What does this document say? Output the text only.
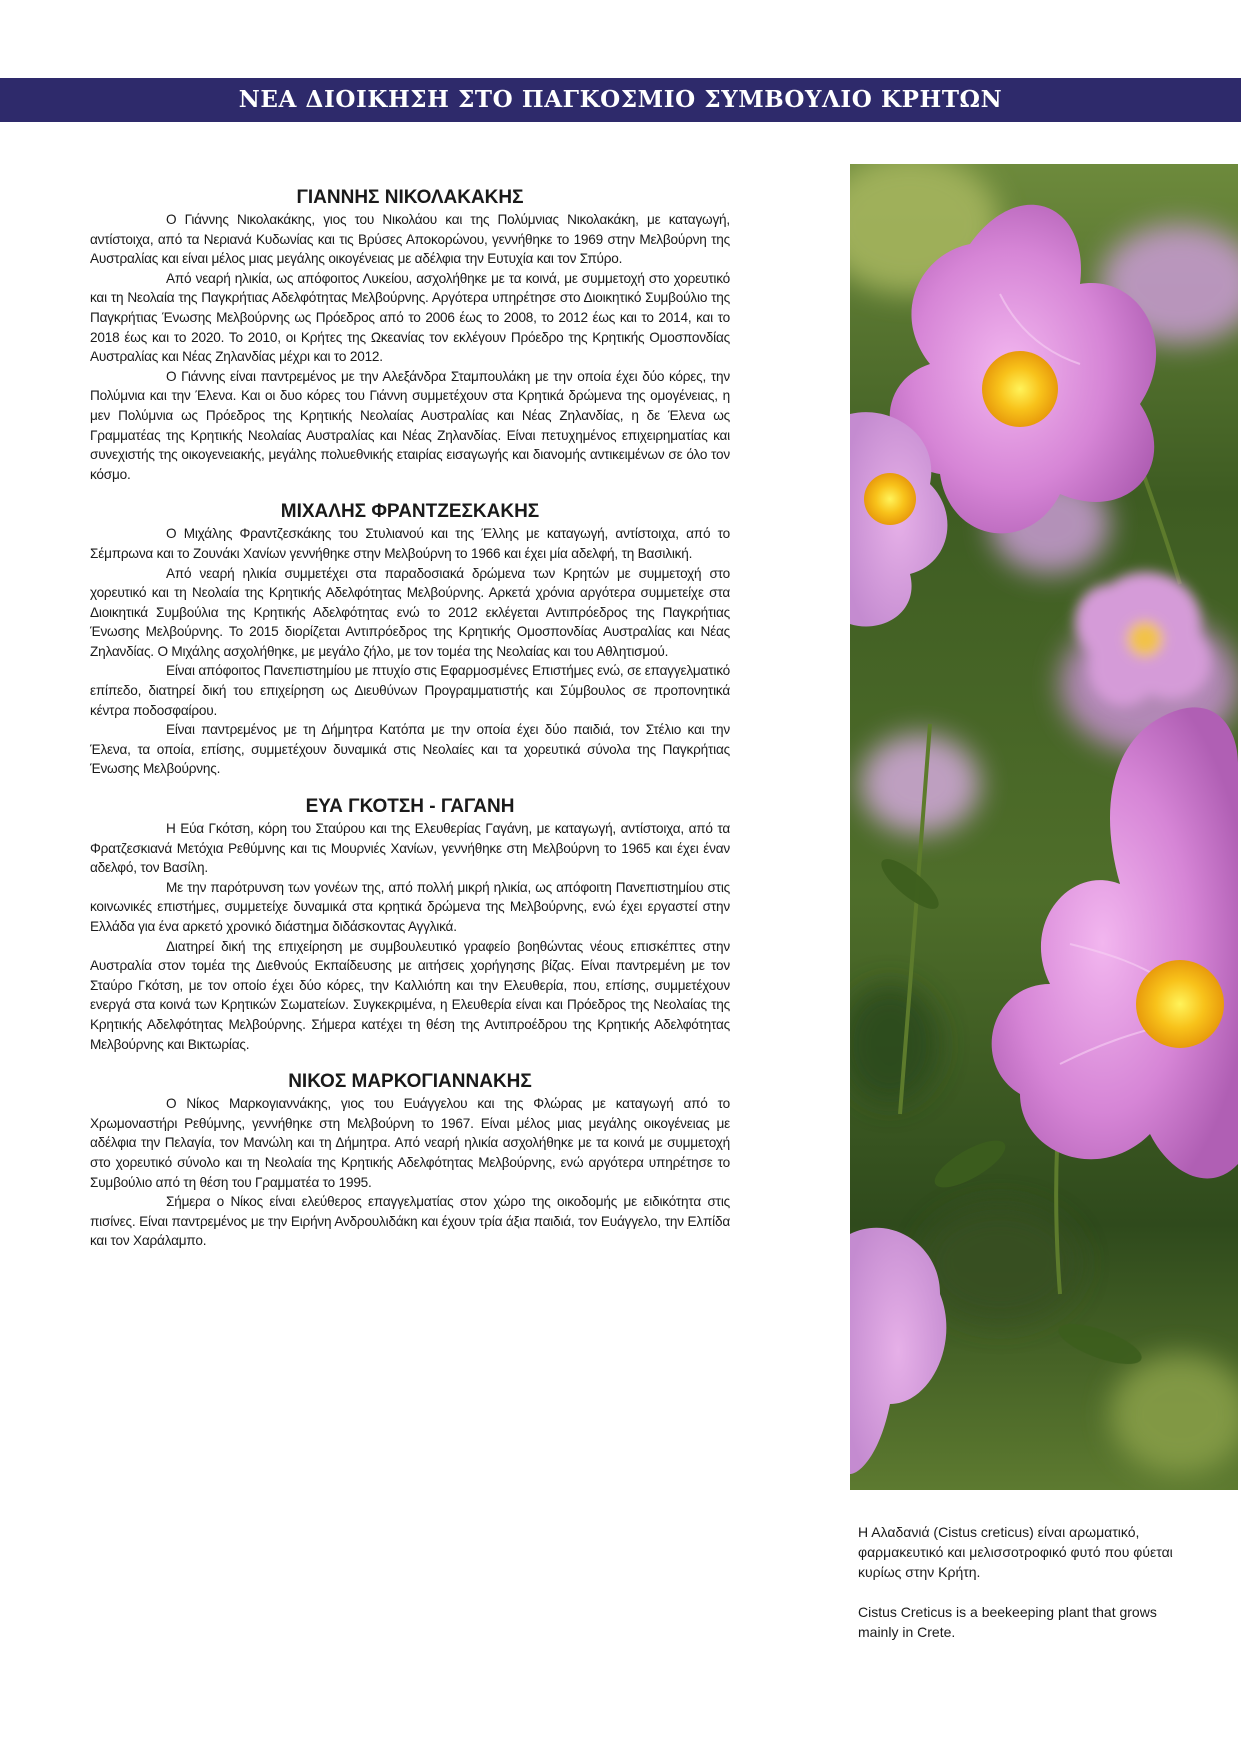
ΝΕΑ ΔΙΟΙΚΗΣΗ ΣΤΟ ΠΑΓΚΟΣΜΙΟ ΣΥΜΒΟΥΛΙΟ ΚΡΗΤΩΝ
ΓΙΑΝΝΗΣ ΝΙΚΟΛΑΚΑΚΗΣ

Ο Γιάννης Νικολακάκης, γιος του Νικολάου και της Πολύμνιας Νικολακάκη, με καταγωγή, αντίστοιχα, από τα Νεριανά Κυδωνίας και τις Βρύσες Αποκορώνου, γεννήθηκε το 1969 στην Μελβούρνη της Αυστραλίας και είναι μέλος μιας μεγάλης οικογένειας με αδέλφια την Ευτυχία και τον Σπύρο.

Από νεαρή ηλικία, ως απόφοιτος Λυκείου, ασχολήθηκε με τα κοινά, με συμμετοχή στο χορευτικό και τη Νεολαία της Παγκρήτιας Αδελφότητας Μελβούρνης. Αργότερα υπηρέτησε στο Διοικητικό Συμβούλιο της Παγκρήτιας Ένωσης Μελβούρνης ως Πρόεδρος από το 2006 έως το 2008, το 2012 έως και το 2014, και το 2018 έως και το 2020. Το 2010, οι Κρήτες της Ωκεανίας τον εκλέγουν Πρόεδρο της Κρητικής Ομοσπονδίας Αυστραλίας και Νέας Ζηλανδίας μέχρι και το 2012.

Ο Γιάννης είναι παντρεμένος με την Αλεξάνδρα Σταμπουλάκη με την οποία έχει δύο κόρες, την Πολύμνια και την Έλενα. Και οι δυο κόρες του Γιάννη συμμετέχουν στα Κρητικά δρώμενα της ομογένειας, η μεν Πολύμνια ως Πρόεδρος της Κρητικής Νεολαίας Αυστραλίας και Νέας Ζηλανδίας, η δε Έλενα ως Γραμματέας της Κρητικής Νεολαίας Αυστραλίας και Νέας Ζηλανδίας. Είναι πετυχημένος επιχειρηματίας και συνεχιστής της οικογενειακής, μεγάλης πολυεθνικής εταιρίας εισαγωγής και διανομής αντικειμένων σε όλο τον κόσμο.

ΜΙΧΑΛΗΣ ΦΡΑΝΤΖΕΣΚΑΚΗΣ

Ο Μιχάλης Φραντζεσκάκης του Στυλιανού και της Έλλης με καταγωγή, αντίστοιχα, από το Σέμπρωνα και το Ζουνάκι Χανίων γεννήθηκε στην Μελβούρνη το 1966 και έχει μία αδελφή, τη Βασιλική.

Από νεαρή ηλικία συμμετέχει στα παραδοσιακά δρώμενα των Κρητών με συμμετοχή στο χορευτικό και τη Νεολαία της Κρητικής Αδελφότητας Μελβούρνης. Αρκετά χρόνια αργότερα συμμετείχε στα Διοικητικά Συμβούλια της Κρητικής Αδελφότητας ενώ το 2012 εκλέγεται Αντιπρόεδρος της Παγκρήτιας Ένωσης Μελβούρνης. Το 2015 διορίζεται Αντιπρόεδρος της Κρητικής Ομοσπονδίας Αυστραλίας και Νέας Ζηλανδίας. Ο Μιχάλης ασχολήθηκε, με μεγάλο ζήλο, με τον τομέα της Νεολαίας και του Αθλητισμού.

Είναι απόφοιτος Πανεπιστημίου με πτυχίο στις Εφαρμοσμένες Επιστήμες ενώ, σε επαγγελματικό επίπεδο, διατηρεί δική του επιχείρηση ως Διευθύνων Προγραμματιστής και Σύμβουλος σε προπονητικά κέντρα ποδοσφαίρου.

Είναι παντρεμένος με τη Δήμητρα Κατόπα με την οποία έχει δύο παιδιά, τον Στέλιο και την Έλενα, τα οποία, επίσης, συμμετέχουν δυναμικά στις Νεολαίες και τα χορευτικά σύνολα της Παγκρήτιας Ένωσης Μελβούρνης.

ΕΥΑ ΓΚΟΤΣΗ - ΓΑΓΑΝΗ

Η Εύα Γκότση, κόρη του Σταύρου και της Ελευθερίας Γαγάνη, με καταγωγή, αντίστοιχα, από τα Φρατζεσκιανά Μετόχια Ρεθύμνης και τις Μουρνιές Χανίων, γεννήθηκε στη Μελβούρνη το 1965 και έχει έναν αδελφό, τον Βασίλη.

Με την παρότρυνση των γονέων της, από πολλή μικρή ηλικία, ως απόφοιτη Πανεπιστημίου στις κοινωνικές επιστήμες, συμμετείχε δυναμικά στα κρητικά δρώμενα της Μελβούρνης, ενώ έχει εργαστεί στην Ελλάδα για ένα αρκετό χρονικό διάστημα διδάσκοντας Αγγλικά.

Διατηρεί δική της επιχείρηση με συμβουλευτικό γραφείο βοηθώντας νέους επισκέπτες στην Αυστραλία στον τομέα της Διεθνούς Εκπαίδευσης με αιτήσεις χορήγησης βίζας. Είναι παντρεμένη με τον Σταύρο Γκότση, με τον οποίο έχει δύο κόρες, την Καλλιόπη και την Ελευθερία, που, επίσης, συμμετέχουν ενεργά στα κοινά των Κρητικών Σωματείων. Συγκεκριμένα, η Ελευθερία είναι και Πρόεδρος της Νεολαίας της Κρητικής Αδελφότητας Μελβούρνης. Σήμερα κατέχει τη θέση της Αντιπροέδρου της Κρητικής Αδελφότητας Μελβούρνης και Βικτωρίας.

ΝΙΚΟΣ ΜΑΡΚΟΓΙΑΝΝΑΚΗΣ

Ο Νίκος Μαρκογιαννάκης, γιος του Ευάγγελου και της Φλώρας με καταγωγή από το Χρωμοναστήρι Ρεθύμνης, γεννήθηκε στη Μελβούρνη το 1967. Είναι μέλος μιας μεγάλης οικογένειας με αδέλφια την Πελαγία, τον Μανώλη και τη Δήμητρα. Από νεαρή ηλικία ασχολήθηκε με τα κοινά με συμμετοχή στο χορευτικό σύνολο και τη Νεολαία της Κρητικής Αδελφότητας Μελβούρνης, ενώ αργότερα υπηρέτησε το Συμβούλιο από τη θέση του Γραμματέα το 1995.

Σήμερα ο Νίκος είναι ελεύθερος επαγγελματίας στον χώρο της οικοδομής με ειδικότητα στις πισίνες. Είναι παντρεμένος με την Ειρήνη Ανδρουλιδάκη και έχουν τρία άξια παιδιά, τον Ευάγγελο, την Ελπίδα και τον Χαράλαμπο.

Η Αλαδανιά (Cistus creticus) είναι αρωματικό, φαρμακευτικό και μελισσοτροφικό φυτό που φύεται κυρίως στην Κρήτη.

Cistus Creticus is a beekeeping plant that grows mainly in Crete.
